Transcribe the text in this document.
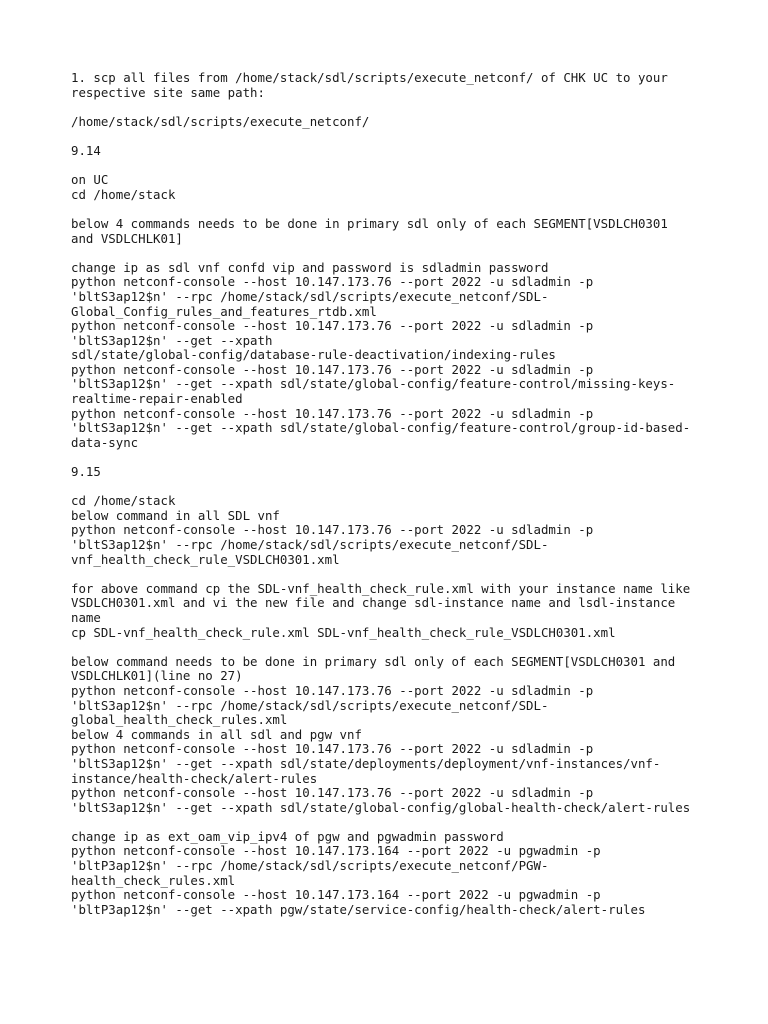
1. scp all files from /home/stack/sdl/scripts/execute_netconf/ of CHK UC to your
respective site same path:
/home/stack/sdl/scripts/execute_netconf/
9.14
on UC
cd /home/stack
below 4 commands needs to be done in primary sdl only of each SEGMENT[VSDLCH0301
and VSDLCHLK01]
change ip as sdl vnf confd vip and password is sdladmin password
python netconf-console --host 10.147.173.76 --port 2022 -u sdladmin -p
'bltS3ap12$n' --rpc /home/stack/sdl/scripts/execute_netconf/SDL-
Global_Config_rules_and_features_rtdb.xml
python netconf-console --host 10.147.173.76 --port 2022 -u sdladmin -p
'bltS3ap12$n' --get --xpath
sdl/state/global-config/database-rule-deactivation/indexing-rules
python netconf-console --host 10.147.173.76 --port 2022 -u sdladmin -p
'bltS3ap12$n' --get --xpath sdl/state/global-config/feature-control/missing-keys-
realtime-repair-enabled
python netconf-console --host 10.147.173.76 --port 2022 -u sdladmin -p
'bltS3ap12$n' --get --xpath sdl/state/global-config/feature-control/group-id-based-
data-sync
9.15
cd /home/stack
below command in all SDL vnf
python netconf-console --host 10.147.173.76 --port 2022 -u sdladmin -p
'bltS3ap12$n' --rpc /home/stack/sdl/scripts/execute_netconf/SDL-
vnf_health_check_rule_VSDLCH0301.xml
for above command cp the SDL-vnf_health_check_rule.xml with your instance name like
VSDLCH0301.xml and vi the new file and change sdl-instance name and lsdl-instance
name
cp SDL-vnf_health_check_rule.xml SDL-vnf_health_check_rule_VSDLCH0301.xml
below command needs to be done in primary sdl only of each SEGMENT[VSDLCH0301 and
VSDLCHLK01](line no 27)
python netconf-console --host 10.147.173.76 --port 2022 -u sdladmin -p
'bltS3ap12$n' --rpc /home/stack/sdl/scripts/execute_netconf/SDL-
global_health_check_rules.xml
below 4 commands in all sdl and pgw vnf
python netconf-console --host 10.147.173.76 --port 2022 -u sdladmin -p
'bltS3ap12$n' --get --xpath sdl/state/deployments/deployment/vnf-instances/vnf-
instance/health-check/alert-rules
python netconf-console --host 10.147.173.76 --port 2022 -u sdladmin -p
'bltS3ap12$n' --get --xpath sdl/state/global-config/global-health-check/alert-rules
change ip as ext_oam_vip_ipv4 of pgw and pgwadmin password
python netconf-console --host 10.147.173.164 --port 2022 -u pgwadmin -p
'bltP3ap12$n' --rpc /home/stack/sdl/scripts/execute_netconf/PGW-
health_check_rules.xml
python netconf-console --host 10.147.173.164 --port 2022 -u pgwadmin -p
'bltP3ap12$n' --get --xpath pgw/state/service-config/health-check/alert-rules
